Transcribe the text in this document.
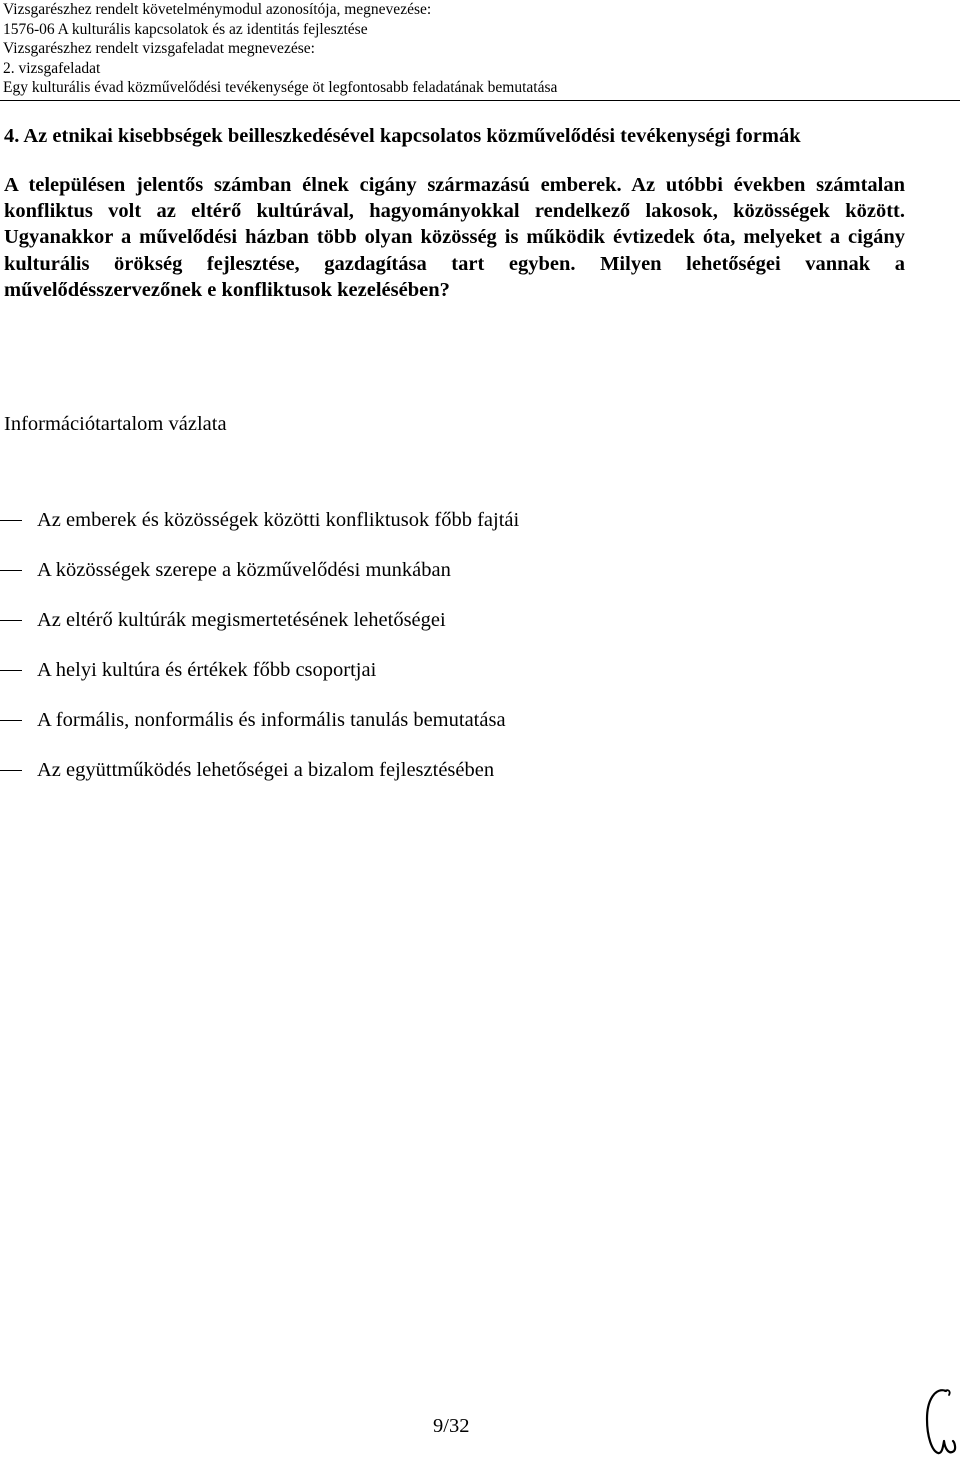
Vizsgarészhez rendelt követelménymodul azonosítója, megnevezése:
1576-06 A kulturális kapcsolatok és az identitás fejlesztése
Vizsgarészhez rendelt vizsgafeladat megnevezése:
2. vizsgafeladat
Egy kulturális évad közművelődési tevékenysége öt legfontosabb feladatának bemutatása
4. Az etnikai kisebbségek beilleszkedésével kapcsolatos közművelődési tevékenységi formák
A településen jelentős számban élnek cigány származású emberek. Az utóbbi években számtalan konfliktus volt az eltérő kultúrával, hagyományokkal rendelkező lakosok, közösségek között. Ugyanakkor a művelődési házban több olyan közösség is működik évtizedek óta, melyeket a cigány kulturális örökség fejlesztése, gazdagítása tart egyben. Milyen lehetőségei vannak a művelődésszervezőnek e konfliktusok kezelésében?
Információtartalom vázlata
Az emberek és közösségek közötti konfliktusok főbb fajtái
A közösségek szerepe a közművelődési munkában
Az eltérő kultúrák megismertetésének lehetőségei
A helyi kultúra és értékek főbb csoportjai
A formális, nonformális és informális tanulás bemutatása
Az együttműködés lehetőségei a bizalom fejlesztésében
9/32
